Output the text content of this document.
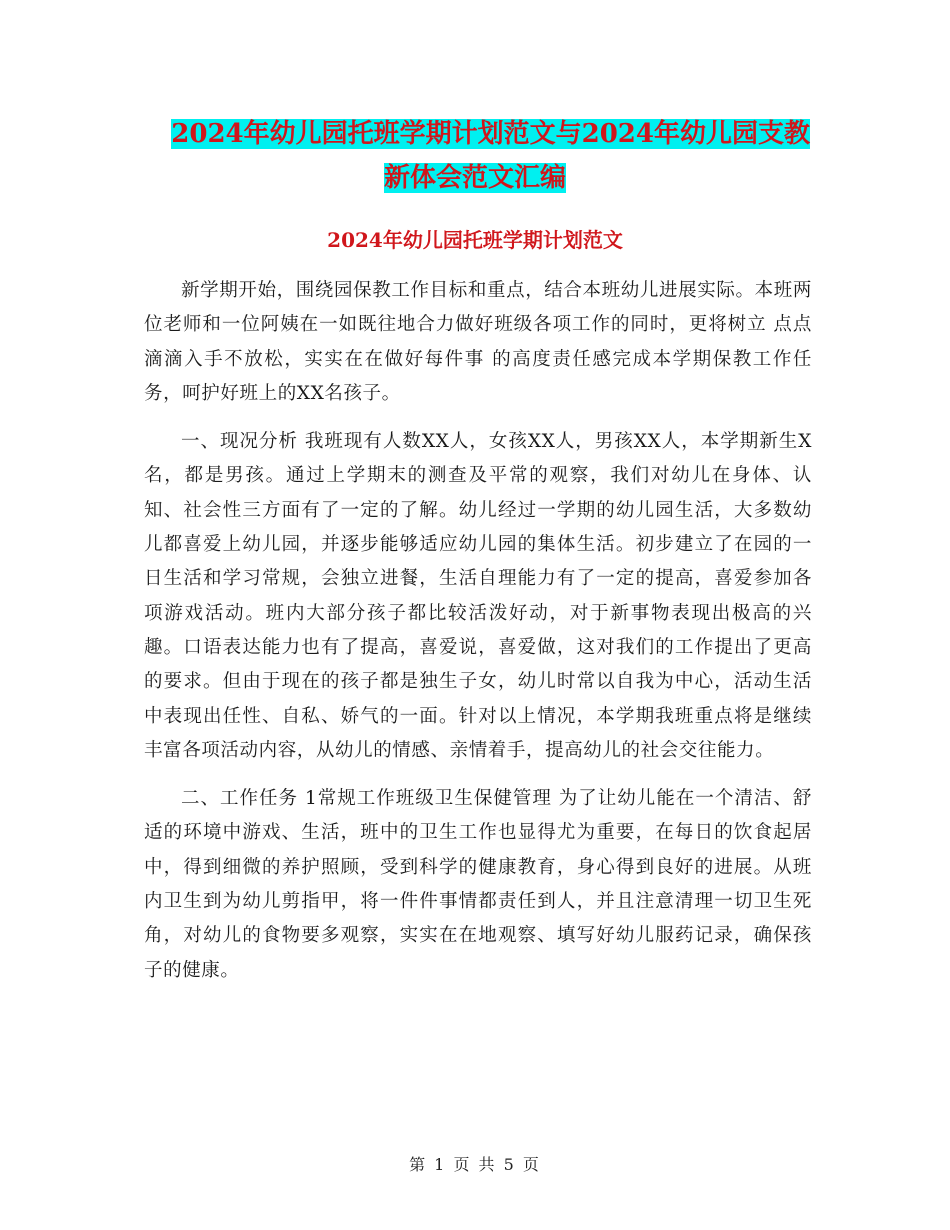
2024年幼儿园托班学期计划范文与2024年幼儿园支教
新体会范文汇编
2024年幼儿园托班学期计划范文

新学期开始，围绕园保教工作目标和重点，结合本班幼儿进展实际。本班两位老师和一位阿姨在一如既往地合力做好班级各项工作的同时，更将树立 点点滴滴入手不放松，实实在在做好每件事 的高度责任感完成本学期保教工作任务，呵护好班上的XX名孩子。

一、现况分析 我班现有人数XX人，女孩XX人，男孩XX人，本学期新生X名，都是男孩。通过上学期末的测查及平常的观察，我们对幼儿在身体、认知、社会性三方面有了一定的了解。幼儿经过一学期的幼儿园生活，大多数幼儿都喜爱上幼儿园，并逐步能够适应幼儿园的集体生活。初步建立了在园的一日生活和学习常规，会独立进餐，生活自理能力有了一定的提高，喜爱参加各项游戏活动。班内大部分孩子都比较活泼好动，对于新事物表现出极高的兴趣。口语表达能力也有了提高，喜爱说，喜爱做，这对我们的工作提出了更高的要求。但由于现在的孩子都是独生子女，幼儿时常以自我为中心，活动生活中表现出任性、自私、娇气的一面。针对以上情况，本学期我班重点将是继续丰富各项活动内容，从幼儿的情感、亲情着手，提高幼儿的社会交往能力。

二、工作任务 1常规工作班级卫生保健管理 为了让幼儿能在一个清洁、舒适的环境中游戏、生活，班中的卫生工作也显得尤为重要，在每日的饮食起居中，得到细微的养护照顾，受到科学的健康教育，身心得到良好的进展。从班内卫生到为幼儿剪指甲，将一件件事情都责任到人，并且注意清理一切卫生死角，对幼儿的食物要多观察，实实在在地观察、填写好幼儿服药记录，确保孩子的健康。

第 1 页 共 5 页
